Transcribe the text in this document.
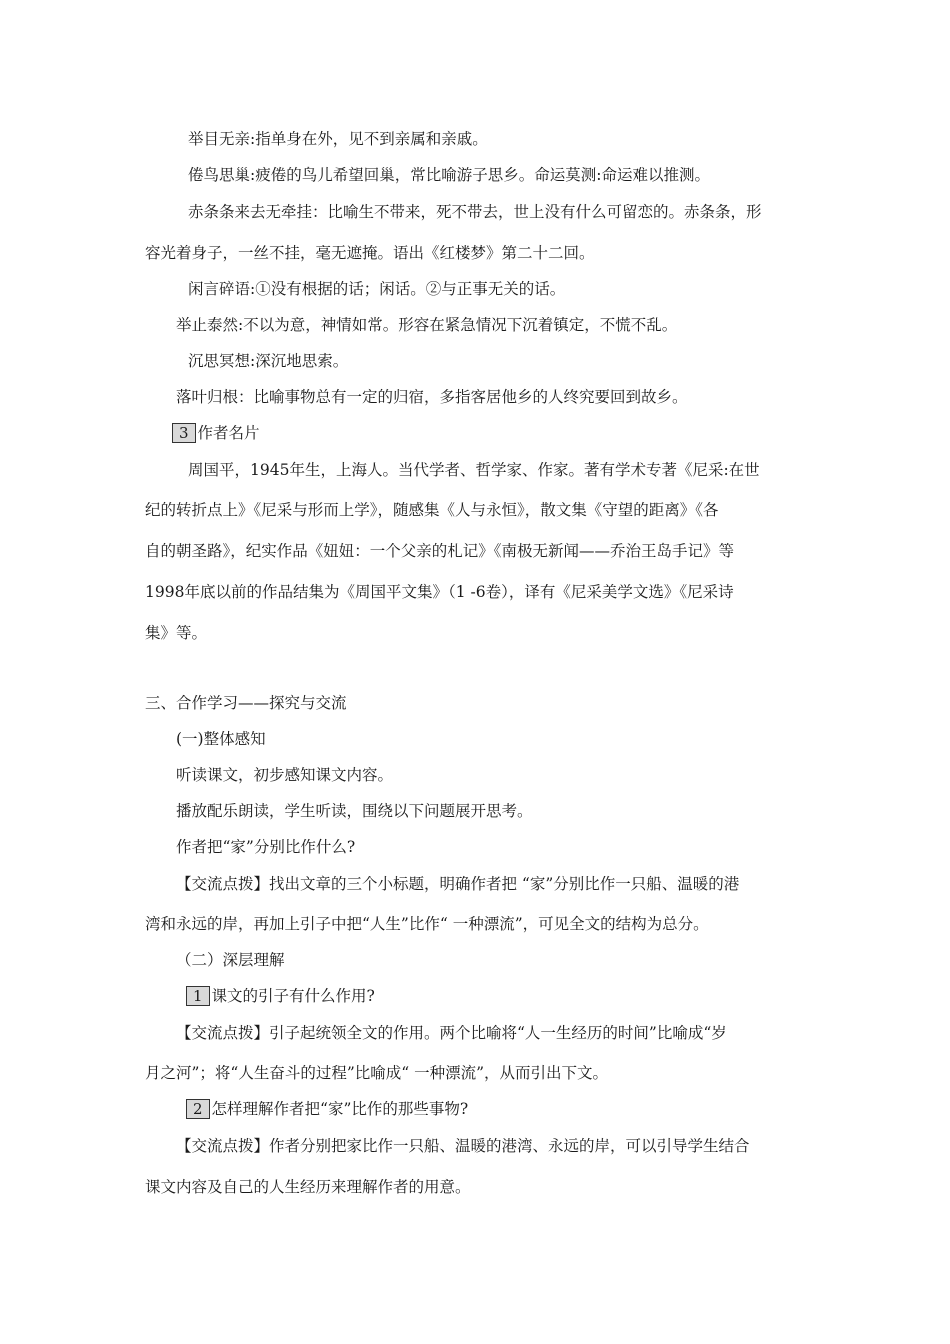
举目无亲:指单身在外，见不到亲属和亲戚。
倦鸟思巢:疲倦的鸟儿希望回巢，常比喻游子思乡。命运莫测:命运难以推测。
赤条条来去无牵挂：比喻生不带来，死不带去，世上没有什么可留恋的。赤条条，形
容光着身子，一丝不挂，毫无遮掩。语出《红楼梦》第二十二回。
闲言碎语:①没有根据的话；闲话。②与正事无关的话。
举止泰然:不以为意，神情如常。形容在紧急情况下沉着镇定，不慌不乱。
沉思冥想:深沉地思索。
落叶归根：比喻事物总有一定的归宿，多指客居他乡的人终究要回到故乡。
3 作者名片
周国平，1945年生，上海人。当代学者、哲学家、作家。著有学术专著《尼采:在世
纪的转折点上》《尼采与形而上学》，随感集《人与永恒》，散文集《守望的距离》《各
自的朝圣路》，纪实作品《妞妞：一个父亲的札记》《南极无新闻——乔治王岛手记》等
1998年底以前的作品结集为《周国平文集》（1 -6卷），译有《尼采美学文选》《尼采诗
集》等。
三、合作学习——探究与交流
(一)整体感知
听读课文，初步感知课文内容。
播放配乐朗读，学生听读，围绕以下问题展开思考。
作者把“家”分别比作什么?
【交流点拨】找出文章的三个小标题，明确作者把 “家”分别比作一只船、温暖的港
湾和永远的岸，再加上引子中把“人生”比作“ 一种漂流”，可见全文的结构为总分。
（二）深层理解
1 课文的引子有什么作用?
【交流点拨】引子起统领全文的作用。两个比喻将“人一生经历的时间”比喻成“岁
月之河”；将“人生奋斗的过程”比喻成“ 一种漂流”，从而引出下文。
2 怎样理解作者把“家”比作的那些事物?
【交流点拨】作者分别把家比作一只船、温暖的港湾、永远的岸，可以引导学生结合
课文内容及自己的人生经历来理解作者的用意。
